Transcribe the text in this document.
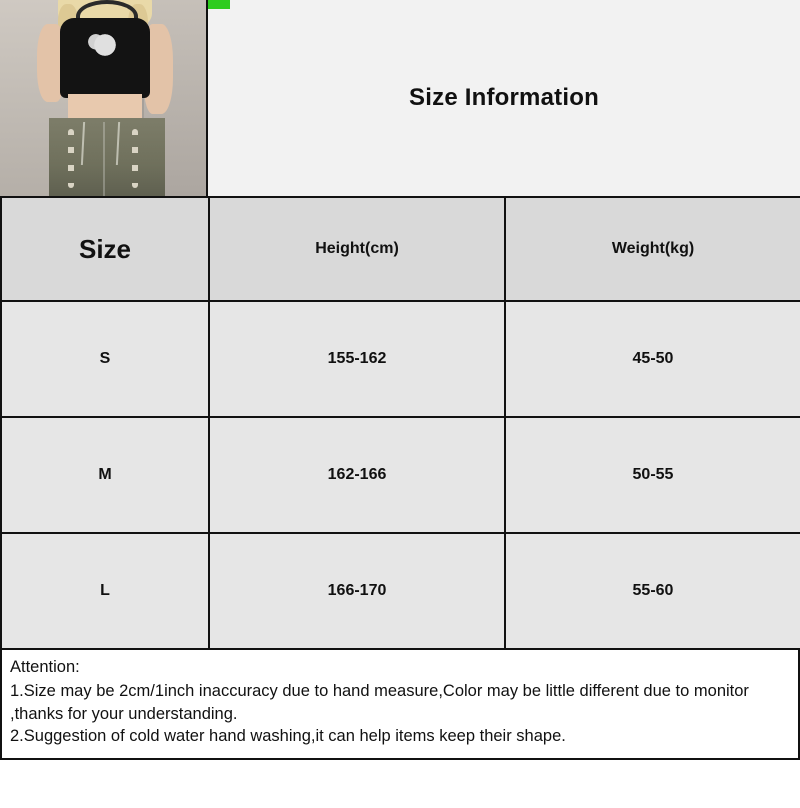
Size Information
Size	Height(cm)	Weight(kg)
S	155-162	45-50
M	162-166	50-55
L	166-170	55-60

Attention:

1.Size may be 2cm/1inch inaccuracy due to hand measure,Color may be little different due to monitor ,thanks for your understanding.

2.Suggestion of cold water hand washing,it can help items keep their shape.
